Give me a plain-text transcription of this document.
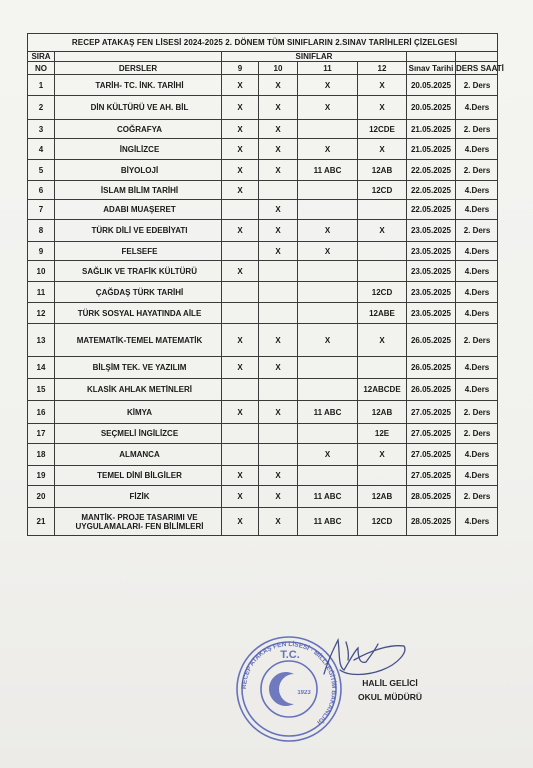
RECEP ATAKAŞ FEN LİSESİ 2024-2025 2. DÖNEM TÜM SINIFLARIN 2.SINAV TARİHLERİ ÇİZELGESİ							
SIRA		SINIFLAR					
NO	DERSLER	9	10	11	12	Sınav Tarihi	DERS SAATİ
1	TARİH- TC. İNK. TARİHİ	X	X	X	X	20.05.2025	2. Ders
2	DİN KÜLTÜRÜ VE AH. BİL	X	X	X	X	20.05.2025	4.Ders
3	COĞRAFYA	X	X		12CDE	21.05.2025	2. Ders
4	İNGİLİZCE	X	X	X	X	21.05.2025	4.Ders
5	BİYOLOJİ	X	X	11 ABC	12AB	22.05.2025	2. Ders
6	İSLAM BİLİM TARİHİ	X			12CD	22.05.2025	4.Ders
7	ADABI MUAŞERET		X			22.05.2025	4.Ders
8	TÜRK DİLİ VE EDEBİYATI	X	X	X	X	23.05.2025	2. Ders
9	FELSEFE		X	X		23.05.2025	4.Ders
10	SAĞLIK VE TRAFİK KÜLTÜRÜ	X				23.05.2025	4.Ders
11	ÇAĞDAŞ TÜRK TARİHİ				12CD	23.05.2025	4.Ders
12	TÜRK SOSYAL HAYATINDA AİLE				12ABE	23.05.2025	4.Ders
13	MATEMATİK-TEMEL MATEMATİK	X	X	X	X	26.05.2025	2. Ders
14	BİLŞİM TEK. VE YAZILIM	X	X			26.05.2025	4.Ders
15	KLASİK AHLAK METİNLERİ				12ABCDE	26.05.2025	4.Ders
16	KİMYA	X	X	11 ABC	12AB	27.05.2025	2. Ders
17	SEÇMELİ İNGİLİZCE				12E	27.05.2025	2. Ders
18	ALMANCA			X	X	27.05.2025	4.Ders
19	TEMEL DİNİ BİLGİLER	X	X			27.05.2025	4.Ders
20	FİZİK	X	X	11 ABC	12AB	28.05.2025	2. Ders
21	MANTİK- PROJE TASARIMI VE UYGULAMALARI- FEN BİLİMLERİ	X	X	11 ABC	12CD	28.05.2025	4.Ders
T.C.
1923
RECEP ATAKAŞ FEN LİSESİ · MİLLİ EĞİTİM BAKANLIĞI
HALİL GELİCİ
OKUL MÜDÜRÜ
